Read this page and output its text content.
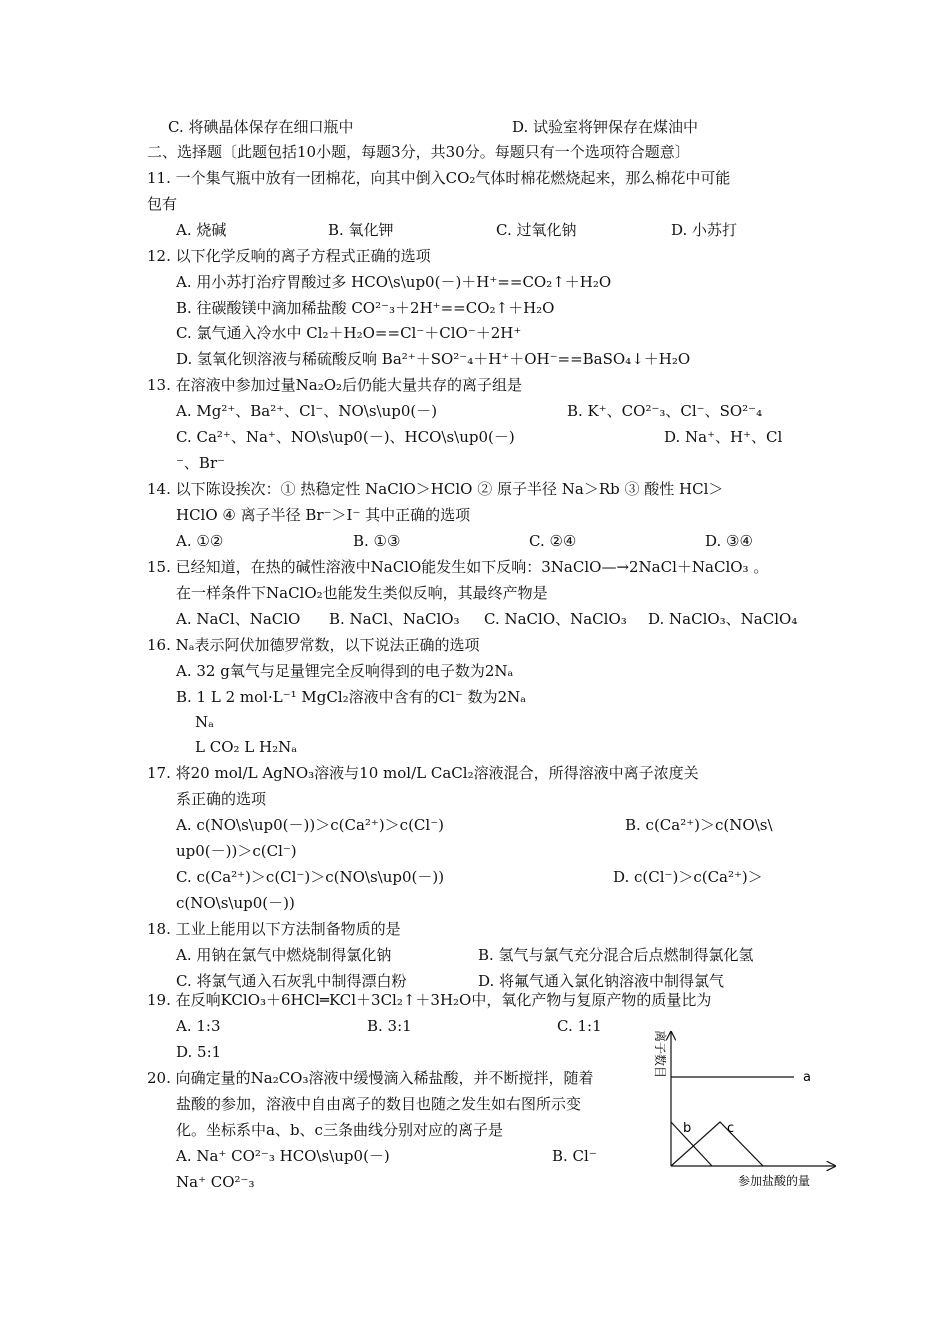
C. 将碘晶体保存在细口瓶中	D. 试验室将钾保存在煤油中
二、选择题〔此题包括10小题，每题3分，共30分。每题只有一个选项符合题意〕
11. 一个集气瓶中放有一团棉花，向其中倒入CO₂气体时棉花燃烧起来，那么棉花中可能
包有
A. 烧碱	B. 氧化钾	C. 过氧化钠	D. 小苏打
12. 以下化学反响的离子方程式正确的选项
A. 用小苏打治疗胃酸过多 HCO\s\up0(－)＋H⁺==CO₂↑＋H₂O
B. 往碳酸镁中滴加稀盐酸 CO²⁻₃＋2H⁺==CO₂↑＋H₂O
C. 氯气通入冷水中 Cl₂＋H₂O==Cl⁻＋ClO⁻＋2H⁺
D. 氢氧化钡溶液与稀硫酸反响 Ba²⁺＋SO²⁻₄＋H⁺＋OH⁻==BaSO₄↓＋H₂O
13. 在溶液中参加过量Na₂O₂后仍能大量共存的离子组是
A. Mg²⁺、Ba²⁺、Cl⁻、NO\s\up0(－)	B. K⁺、CO²⁻₃、Cl⁻、SO²⁻₄
C. Ca²⁺、Na⁺、NO\s\up0(－)、HCO\s\up0(－)	D. Na⁺、H⁺、Cl
⁻、Br⁻
14. 以下陈设挨次：① 热稳定性 NaClO＞HClO ② 原子半径 Na＞Rb ③ 酸性 HCl＞
HClO ④ 离子半径 Br⁻＞I⁻ 其中正确的选项
A. ①②	B. ①③	C. ②④	D. ③④
15. 已经知道，在热的碱性溶液中NaClO能发生如下反响：3NaClO—→2NaCl＋NaClO₃ 。
在一样条件下NaClO₂也能发生类似反响，其最终产物是
A. NaCl、NaClO B. NaCl、NaClO₃ C. NaClO、NaClO₃ D. NaClO₃、NaClO₄
16. Nₐ表示阿伏加德罗常数，以下说法正确的选项
A. 32 g氧气与足量锂完全反响得到的电子数为2Nₐ
B. 1 L 2 mol·L⁻¹ MgCl₂溶液中含有的Cl⁻ 数为2Nₐ
Nₐ
L CO₂ L H₂Nₐ
17. 将20 mol/L AgNO₃溶液与10 mol/L CaCl₂溶液混合，所得溶液中离子浓度关
系正确的选项
A. c(NO\s\up0(－))＞c(Ca²⁺)＞c(Cl⁻)	B. c(Ca²⁺)＞c(NO\s\
up0(－))＞c(Cl⁻)
C. c(Ca²⁺)＞c(Cl⁻)＞c(NO\s\up0(－))	D. c(Cl⁻)＞c(Ca²⁺)＞
c(NO\s\up0(－))
18. 工业上能用以下方法制备物质的是
A. 用钠在氯气中燃烧制得氯化钠	B. 氢气与氯气充分混合后点燃制得氯化氢
C. 将氯气通入石灰乳中制得漂白粉	D. 将氟气通入氯化钠溶液中制得氯气
19. 在反响KClO₃＋6HCl═KCl＋3Cl₂↑＋3H₂O中，氧化产物与复原产物的质量比为
A. 1:3	B. 3:1	C. 1:1
D. 5:1
20. 向确定量的Na₂CO₃溶液中缓慢滴入稀盐酸，并不断搅拌，随着
盐酸的参加，溶液中自由离子的数目也随之发生如右图所示变
化。坐标系中a、b、c三条曲线分别对应的离子是
A. Na⁺ CO²⁻₃ HCO\s\up0(－)	B. Cl⁻
Na⁺ CO²⁻₃
离子数目
参加盐酸的量
a
b	c
